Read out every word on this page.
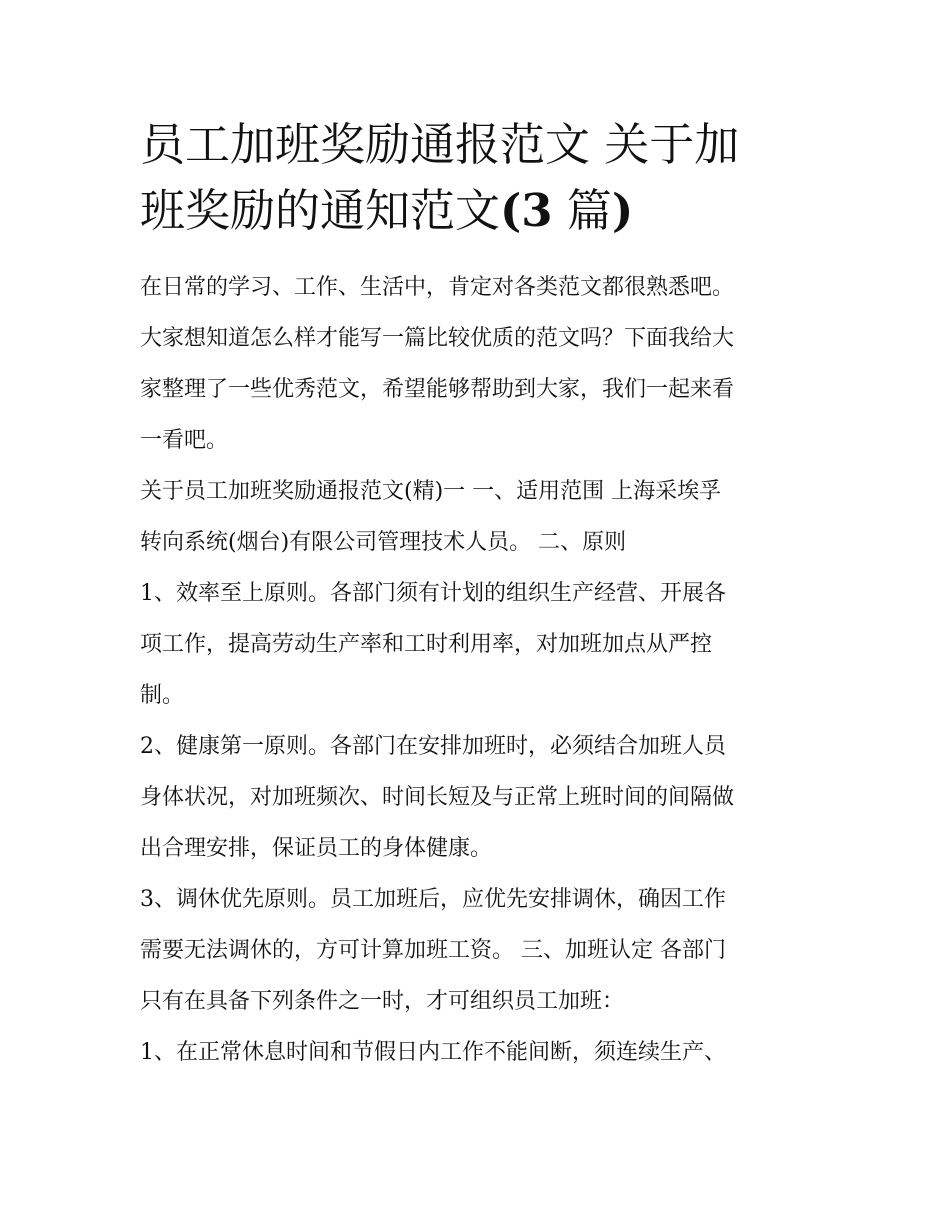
员工加班奖励通报范文 关于加
班奖励的通知范文(3 篇)

在日常的学习、工作、生活中，肯定对各类范文都很熟悉吧。
大家想知道怎么样才能写一篇比较优质的范文吗？下面我给大
家整理了一些优秀范文，希望能够帮助到大家，我们一起来看
一看吧。

关于员工加班奖励通报范文(精)一 一、适用范围 上海采埃孚
转向系统(烟台)有限公司管理技术人员。 二、原则

1、效率至上原则。各部门须有计划的组织生产经营、开展各
项工作，提高劳动生产率和工时利用率，对加班加点从严控
制。

2、健康第一原则。各部门在安排加班时，必须结合加班人员
身体状况，对加班频次、时间长短及与正常上班时间的间隔做
出合理安排，保证员工的身体健康。

3、调休优先原则。员工加班后，应优先安排调休，确因工作
需要无法调休的，方可计算加班工资。 三、加班认定 各部门
只有在具备下列条件之一时，才可组织员工加班：

1、在正常休息时间和节假日内工作不能间断，须连续生产、
